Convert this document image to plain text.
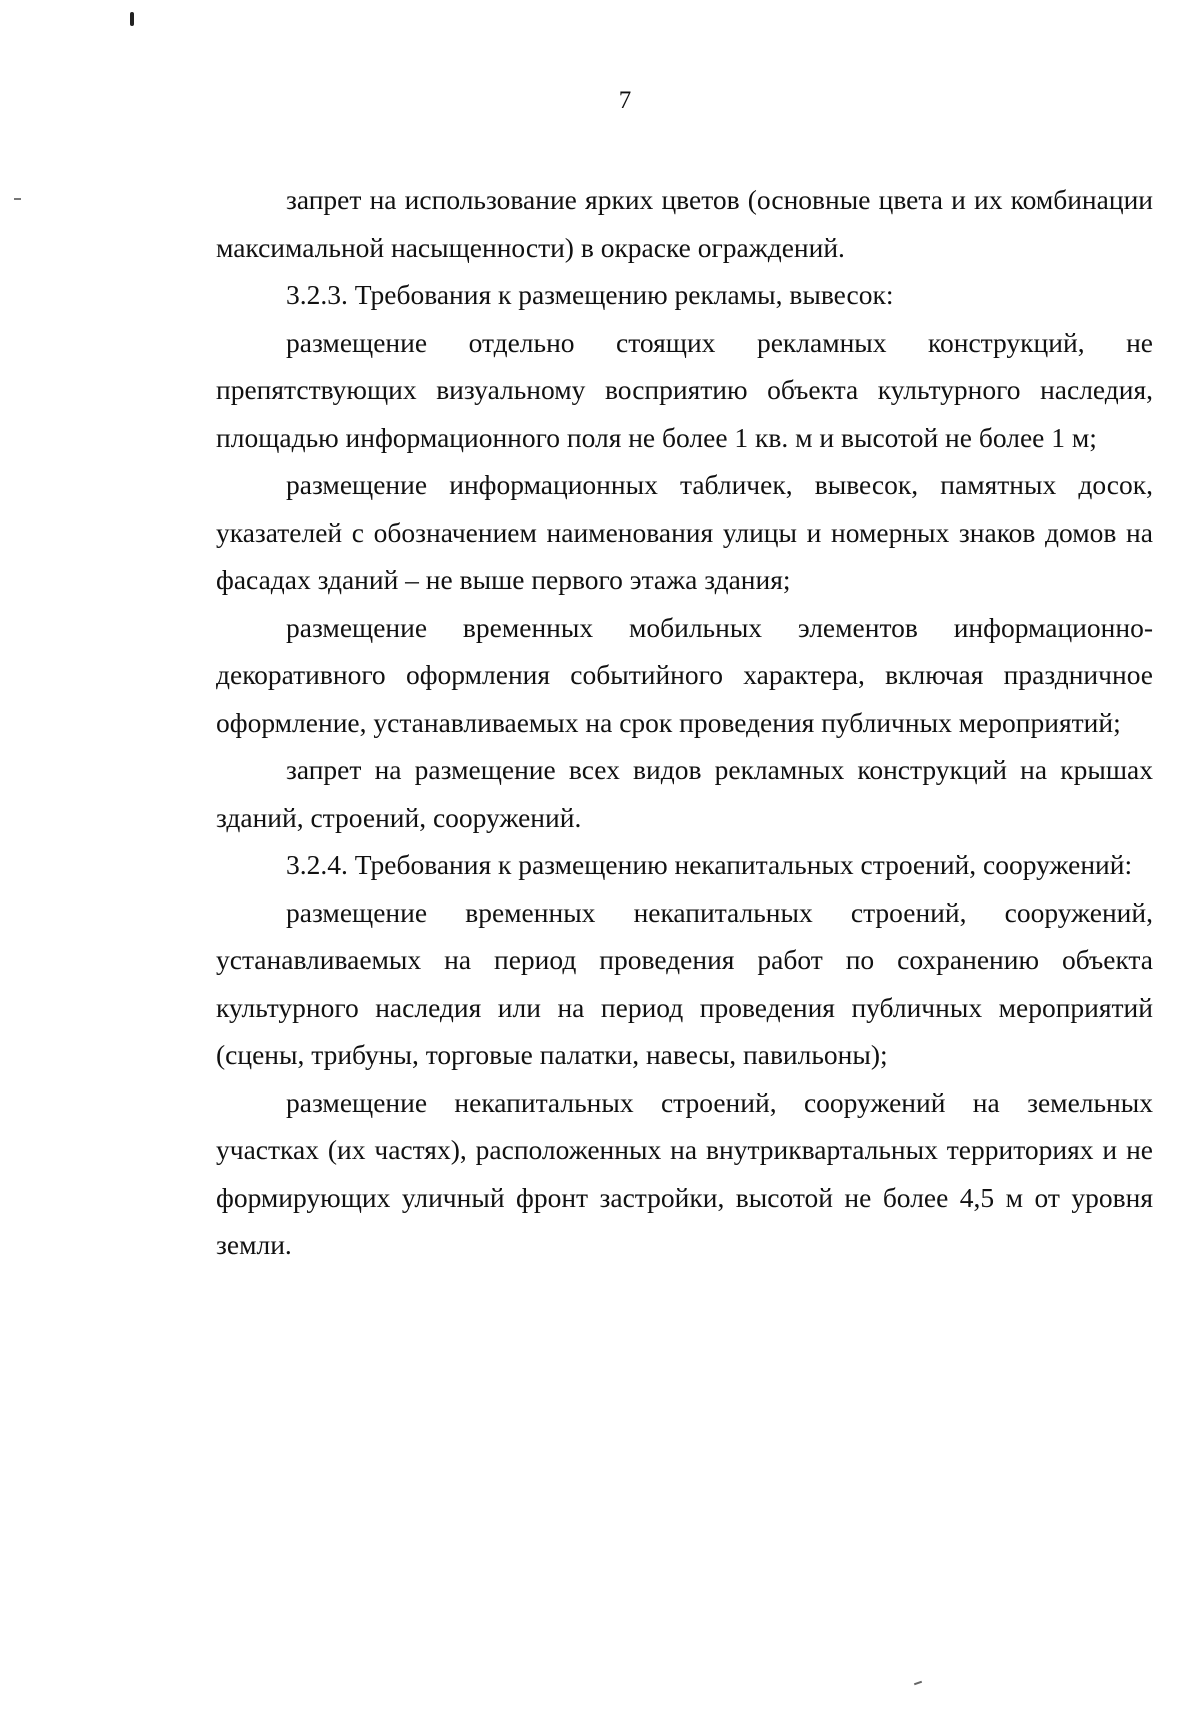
7

запрет на использование ярких цветов (основные цвета и их комбинации максимальной насыщенности) в окраске ограждений.

3.2.3. Требования к размещению рекламы, вывесок:

размещение отдельно стоящих рекламных конструкций, не препятствующих визуальному восприятию объекта культурного наследия, площадью информационного поля не более 1 кв. м и высотой не более 1 м;

размещение информационных табличек, вывесок, памятных досок, указателей с обозначением наименования улицы и номерных знаков домов на фасадах зданий – не выше первого этажа здания;

размещение временных мобильных элементов информационно-декоративного оформления событийного характера, включая праздничное оформление, устанавливаемых на срок проведения публичных мероприятий;

запрет на размещение всех видов рекламных конструкций на крышах зданий, строений, сооружений.

3.2.4. Требования к размещению некапитальных строений, сооружений:

размещение временных некапитальных строений, сооружений, устанавливаемых на период проведения работ по сохранению объекта культурного наследия или на период проведения публичных мероприятий (сцены, трибуны, торговые палатки, навесы, павильоны);

размещение некапитальных строений, сооружений на земельных участках (их частях), расположенных на внутриквартальных территориях и не формирующих уличный фронт застройки, высотой не более 4,5 м от уровня земли.
